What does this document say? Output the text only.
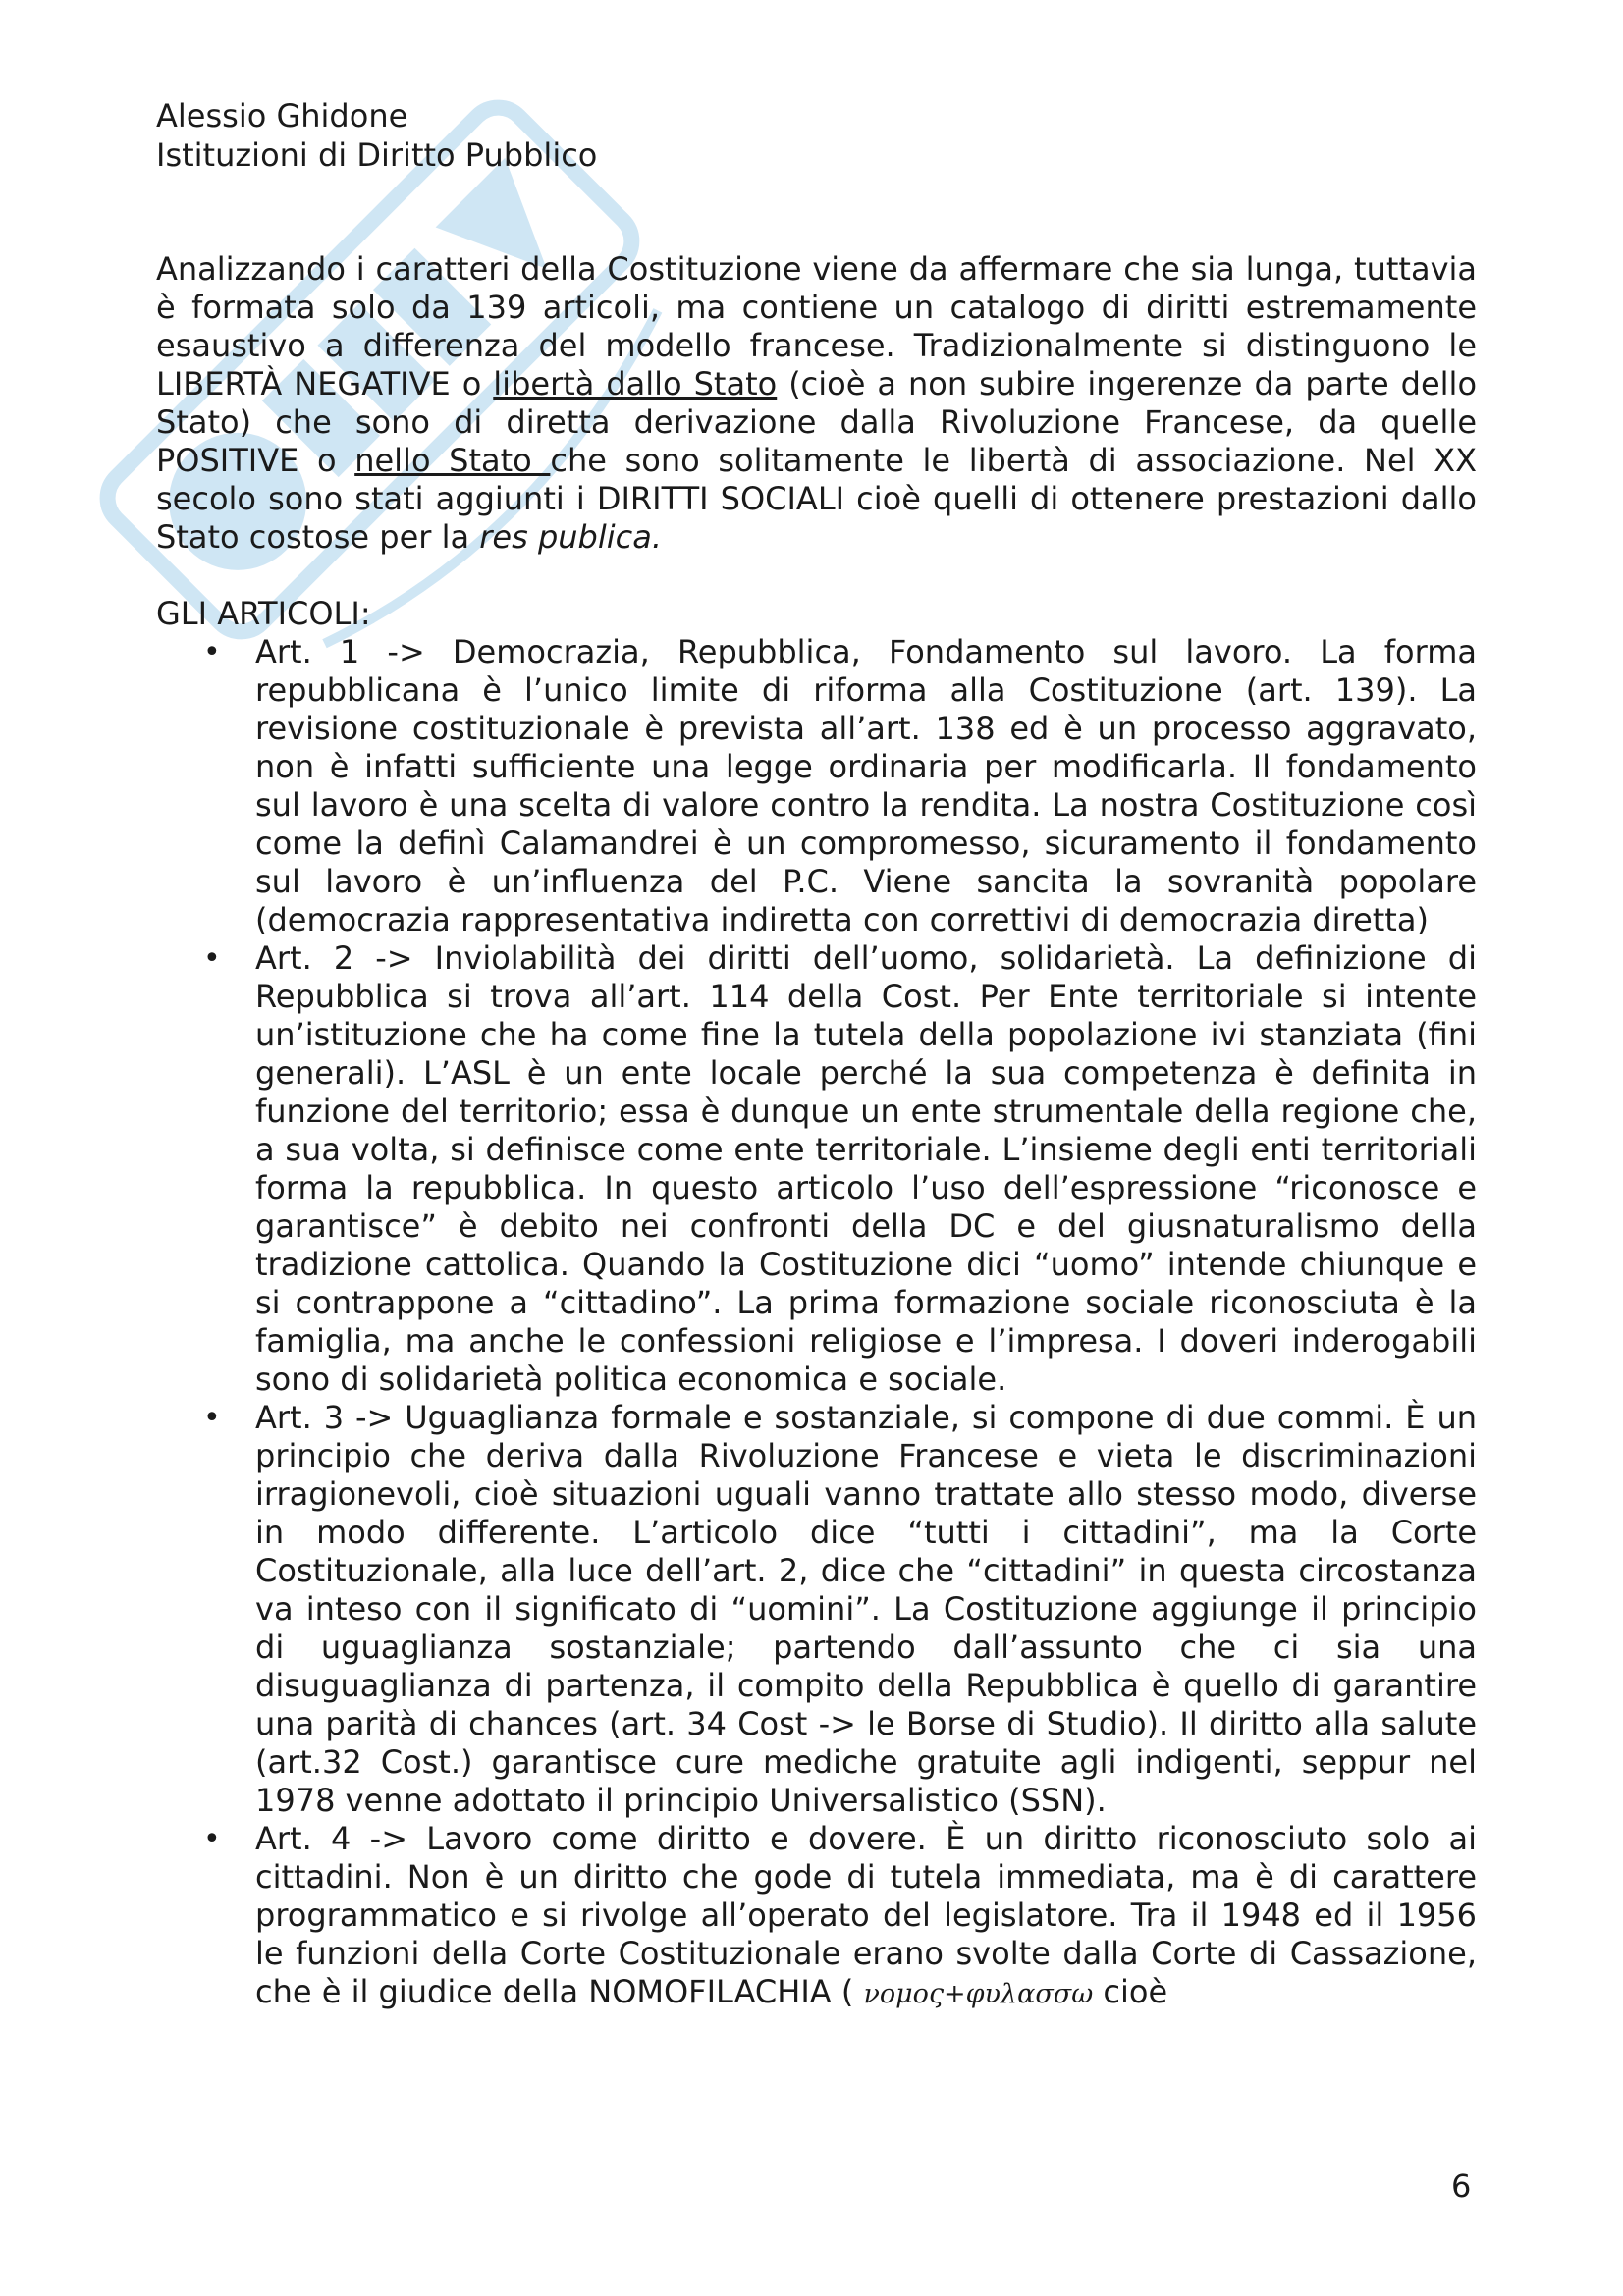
Alessio Ghidone
Istituzioni di Diritto Pubblico

Analizzando i caratteri della Costituzione viene da affermare che sia lunga, tuttavia è formata solo da 139 articoli, ma contiene un catalogo di diritti estremamente esaustivo a differenza del modello francese. Tradizionalmente si distinguono le LIBERTÀ NEGATIVE o libertà dallo Stato (cioè a non subire ingerenze da parte dello Stato) che sono di diretta derivazione dalla Rivoluzione Francese, da quelle POSITIVE o nello Stato che sono solitamente le libertà di associazione. Nel XX secolo sono stati aggiunti i DIRITTI SOCIALI cioè quelli di ottenere prestazioni dallo Stato costose per la res publica.

GLI ARTICOLI:

• Art. 1 -> Democrazia, Repubblica, Fondamento sul lavoro. La forma repubblicana è l’unico limite di riforma alla Costituzione (art. 139). La revisione costituzionale è prevista all’art. 138 ed è un processo aggravato, non è infatti sufficiente una legge ordinaria per modificarla. Il fondamento sul lavoro è una scelta di valore contro la rendita. La nostra Costituzione così come la definì Calamandrei è un compromesso, sicuramento il fondamento sul lavoro è un’influenza del P.C. Viene sancita la sovranità popolare (democrazia rappresentativa indiretta con correttivi di democrazia diretta)
• Art. 2 -> Inviolabilità dei diritti dell’uomo, solidarietà. La definizione di Repubblica si trova all’art. 114 della Cost. Per Ente territoriale si intente un’istituzione che ha come fine la tutela della popolazione ivi stanziata (fini generali). L’ASL è un ente locale perché la sua competenza è definita in funzione del territorio; essa è dunque un ente strumentale della regione che, a sua volta, si definisce come ente territoriale. L’insieme degli enti territoriali forma la repubblica. In questo articolo l’uso dell’espressione “riconosce e garantisce” è debito nei confronti della DC e del giusnaturalismo della tradizione cattolica. Quando la Costituzione dici “uomo” intende chiunque e si contrappone a “cittadino”. La prima formazione sociale riconosciuta è la famiglia, ma anche le confessioni religiose e l’impresa. I doveri inderogabili sono di solidarietà politica economica e sociale.
• Art. 3 -> Uguaglianza formale e sostanziale, si compone di due commi. È un principio che deriva dalla Rivoluzione Francese e vieta le discriminazioni irragionevoli, cioè situazioni uguali vanno trattate allo stesso modo, diverse in modo differente. L’articolo dice “tutti i cittadini”, ma la Corte Costituzionale, alla luce dell’art. 2, dice che “cittadini” in questa circostanza va inteso con il significato di “uomini”. La Costituzione aggiunge il principio di uguaglianza sostanziale; partendo dall’assunto che ci sia una disuguaglianza di partenza, il compito della Repubblica è quello di garantire una parità di chances (art. 34 Cost -> le Borse di Studio). Il diritto alla salute (art.32 Cost.) garantisce cure mediche gratuite agli indigenti, seppur nel 1978 venne adottato il principio Universalistico (SSN).
• Art. 4 -> Lavoro come diritto e dovere. È un diritto riconosciuto solo ai cittadini. Non è un diritto che gode di tutela immediata, ma è di carattere programmatico e si rivolge all’operato del legislatore. Tra il 1948 ed il 1956 le funzioni della Corte Costituzionale erano svolte dalla Corte di Cassazione, che è il giudice della NOMOFILACHIA ( νομος+φυλασσω cioè
6
